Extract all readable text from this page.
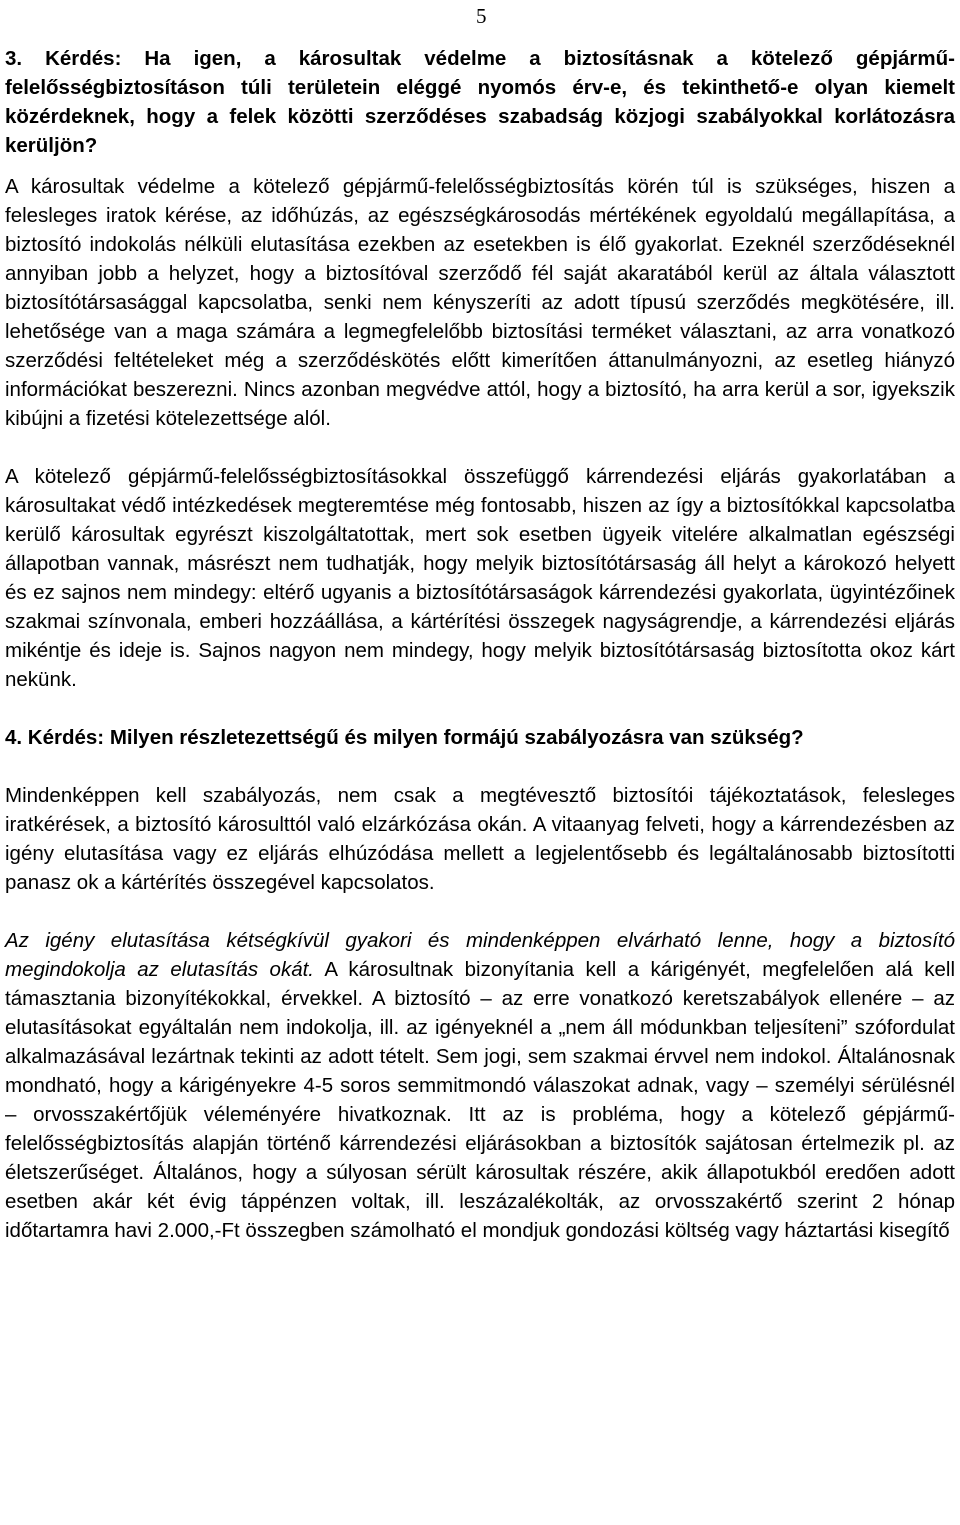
5

3. Kérdés: Ha igen, a károsultak védelme a biztosításnak a kötelező gépjármű-felelősségbiztosításon túli területein eléggé nyomós érv-e, és tekinthető-e olyan kiemelt közérdeknek, hogy a felek közötti szerződéses szabadság közjogi szabályokkal korlátozásra kerüljön?

A károsultak védelme a kötelező gépjármű-felelősségbiztosítás körén túl is szükséges, hiszen a felesleges iratok kérése, az időhúzás, az egészségkárosodás mértékének egyoldalú megállapítása, a biztosító indokolás nélküli elutasítása ezekben az esetekben is élő gyakorlat. Ezeknél szerződéseknél annyiban jobb a helyzet, hogy a biztosítóval szerződő fél saját akaratából kerül az általa választott biztosítótársasággal kapcsolatba, senki nem kényszeríti az adott típusú szerződés megkötésére, ill. lehetősége van a maga számára a legmegfelelőbb biztosítási terméket választani, az arra vonatkozó szerződési feltételeket még a szerződéskötés előtt kimerítően áttanulmányozni, az esetleg hiányzó információkat beszerezni. Nincs azonban megvédve attól, hogy a biztosító, ha arra kerül a sor, igyekszik kibújni a fizetési kötelezettsége alól.

A kötelező gépjármű-felelősségbiztosításokkal összefüggő kárrendezési eljárás gyakorlatában a károsultakat védő intézkedések megteremtése még fontosabb, hiszen az így a biztosítókkal kapcsolatba kerülő károsultak egyrészt kiszolgáltatottak, mert sok esetben ügyeik vitelére alkalmatlan egészségi állapotban vannak, másrészt nem tudhatják, hogy melyik biztosítótársaság áll helyt a károkozó helyett és ez sajnos nem mindegy: eltérő ugyanis a biztosítótársaságok kárrendezési gyakorlata, ügyintézőinek szakmai színvonala, emberi hozzáállása, a kártérítési összegek nagyságrendje, a kárrendezési eljárás mikéntje és ideje is. Sajnos nagyon nem mindegy, hogy melyik biztosítótársaság biztosította okoz kárt nekünk.

4. Kérdés: Milyen részletezettségű és milyen formájú szabályozásra van szükség?

Mindenképpen kell szabályozás, nem csak a megtévesztő biztosítói tájékoztatások, felesleges iratkérések, a biztosító károsulttól való elzárkózása okán. A vitaanyag felveti, hogy a kárrendezésben az igény elutasítása vagy ez eljárás elhúzódása mellett a legjelentősebb és legáltalánosabb biztosítotti panasz ok a kártérítés összegével kapcsolatos.

Az igény elutasítása kétségkívül gyakori és mindenképpen elvárható lenne, hogy a biztosító megindokolja az elutasítás okát. A károsultnak bizonyítania kell a kárigényét, megfelelően alá kell támasztania bizonyítékokkal, érvekkel. A biztosító – az erre vonatkozó keretszabályok ellenére – az elutasításokat egyáltalán nem indokolja, ill. az igényeknél a „nem áll módunkban teljesíteni” szófordulat alkalmazásával lezártnak tekinti az adott tételt. Sem jogi, sem szakmai érvvel nem indokol. Általánosnak mondható, hogy a kárigényekre 4-5 soros semmitmondó válaszokat adnak, vagy – személyi sérülésnél – orvosszakértőjük véleményére hivatkoznak. Itt az is probléma, hogy a kötelező gépjármű-felelősségbiztosítás alapján történő kárrendezési eljárásokban a biztosítók sajátosan értelmezik pl. az életszerűséget. Általános, hogy a súlyosan sérült károsultak részére, akik állapotukból eredően adott esetben akár két évig táppénzen voltak, ill. leszázalékolták, az orvosszakértő szerint 2 hónap időtartamra havi 2.000,-Ft összegben számolható el mondjuk gondozási költség vagy háztartási kisegítő
